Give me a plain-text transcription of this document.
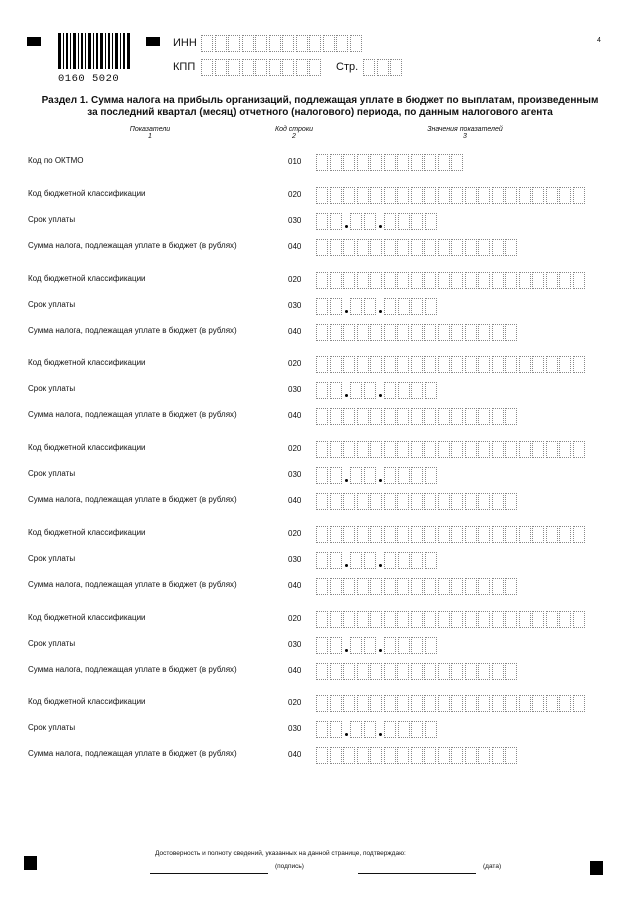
0160 5020
ИНН
КПП	Стр.
4
Раздел 1. Сумма налога на прибыль организаций, подлежащая уплате в бюджет по выплатам, произведенным
за последний квартал (месяц) отчетного (налогового) периода, по данным налогового агента
Показатели
1
Код строки
2
Значения показателей
3
Код по ОКТМО	010
Код бюджетной классификации	020
Срок уплаты	030
Сумма налога, подлежащая уплате в бюджет (в рублях)	040
Код бюджетной классификации	020
Срок уплаты	030
Сумма налога, подлежащая уплате в бюджет (в рублях)	040
Код бюджетной классификации	020
Срок уплаты	030
Сумма налога, подлежащая уплате в бюджет (в рублях)	040
Код бюджетной классификации	020
Срок уплаты	030
Сумма налога, подлежащая уплате в бюджет (в рублях)	040
Код бюджетной классификации	020
Срок уплаты	030
Сумма налога, подлежащая уплате в бюджет (в рублях)	040
Код бюджетной классификации	020
Срок уплаты	030
Сумма налога, подлежащая уплате в бюджет (в рублях)	040
Код бюджетной классификации	020
Срок уплаты	030
Сумма налога, подлежащая уплате в бюджет (в рублях)	040
Достоверность и полноту сведений, указанных на данной странице, подтверждаю:
(подпись)	(дата)
